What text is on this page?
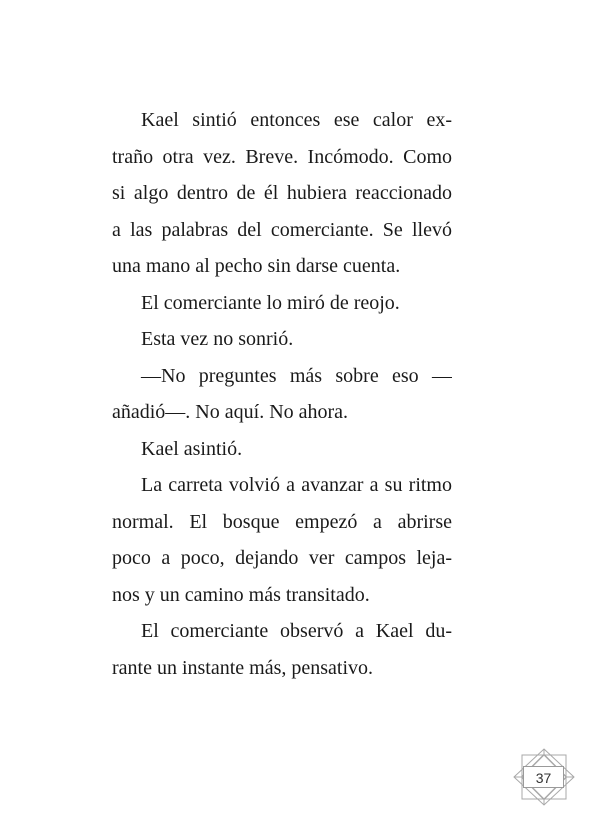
Kael sintió entonces ese calor ex-
traño otra vez. Breve. Incómodo. Como
si algo dentro de él hubiera reaccionado
a las palabras del comerciante. Se llevó
una mano al pecho sin darse cuenta.
El comerciante lo miró de reojo.
Esta vez no sonrió.
—No preguntes más sobre eso —
añadió—. No aquí. No ahora.
Kael asintió.
La carreta volvió a avanzar a su ritmo
normal. El bosque empezó a abrirse
poco a poco, dejando ver campos leja-
nos y un camino más transitado.
El comerciante observó a Kael du-
rante un instante más, pensativo.
37
